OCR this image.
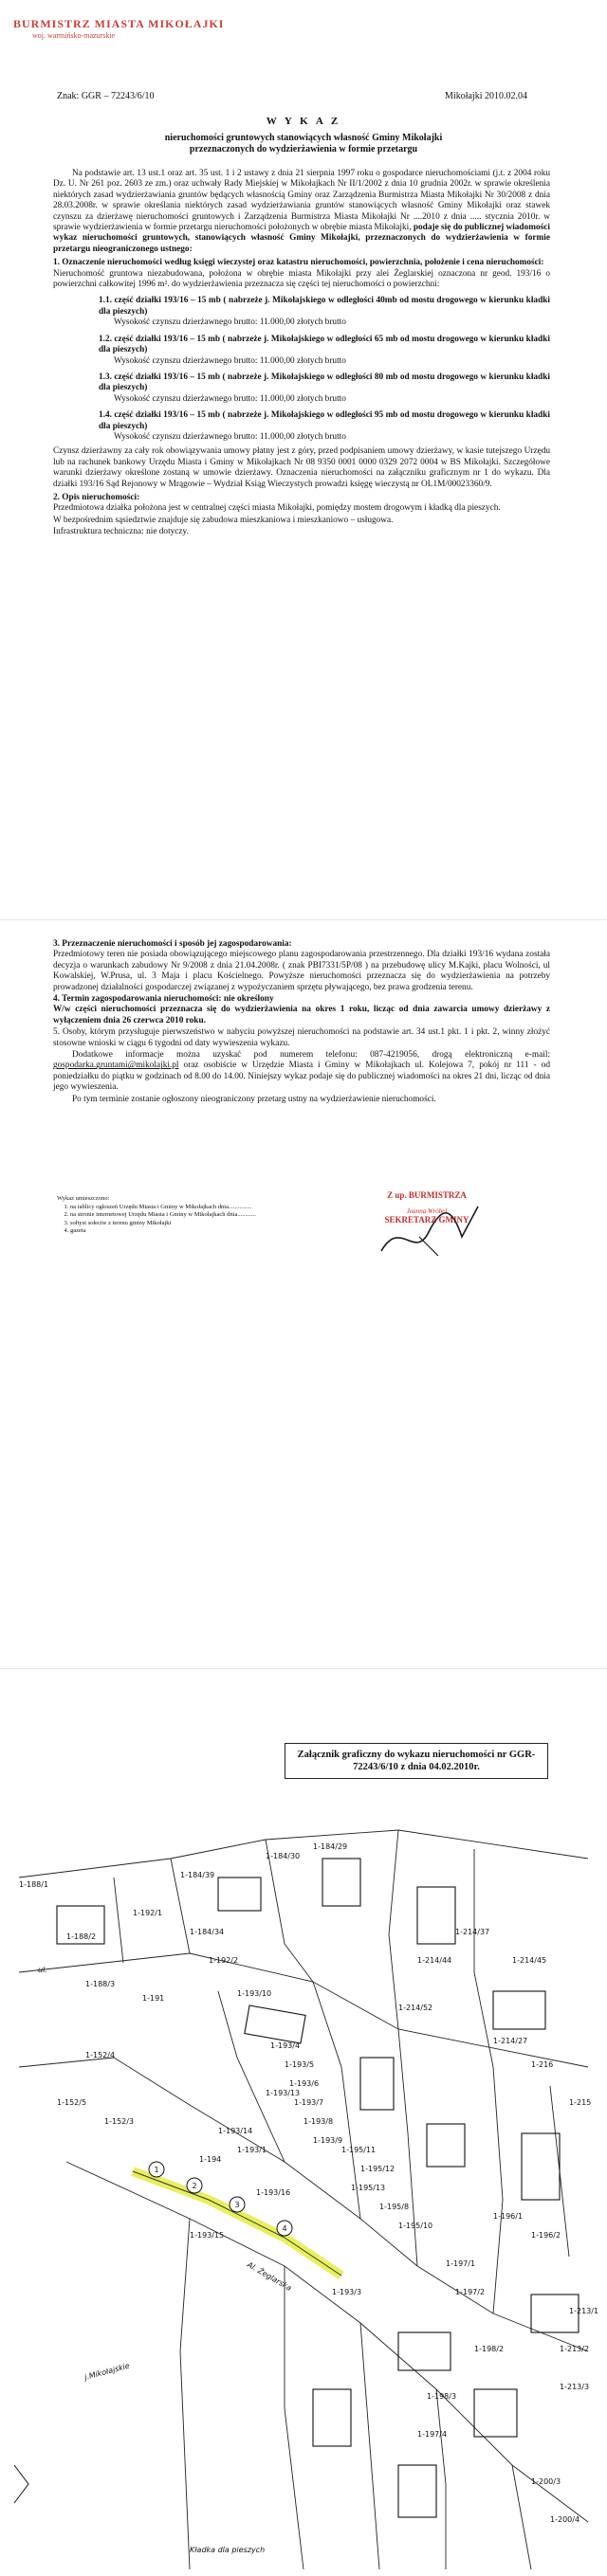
BURMISTRZ MIASTA MIKOŁAJKI
woj. warmińsko-mazurskie
Znak: GGR – 72243/6/10	Mikołajki 2010.02.04
W Y K A Z
nieruchomości gruntowych stanowiących własność Gminy Mikołajki przeznaczonych do wydzierżawienia w formie przetargu

Na podstawie art. 13 ust.1 oraz art. 35 ust. 1 i 2 ustawy z dnia 21 sierpnia 1997 roku o gospodarce nieruchomościami (j.t. z 2004 roku Dz. U. Nr 261 poz. 2603 ze zm.) oraz uchwały Rady Miejskiej w Mikołajkach Nr II/1/2002 z dnia 10 grudnia 2002r. w sprawie określenia niektórych zasad wydzierżawiania gruntów będących własnością Gminy oraz Zarządzenia Burmistrza Miasta Mikołajki Nr 30/2008 z dnia 28.03.2008r. w sprawie określania niektórych zasad wydzierżawiania gruntów stanowiących własność Gminy Mikołajki oraz stawek czynszu za dzierżawę nieruchomości gruntowych i Zarządzenia Burmistrza Miasta Mikołajki Nr ....2010 z dnia ..... stycznia 2010r. w sprawie wydzierżawienia w formie przetargu nieruchomości położonych w obrębie miasta Mikołajki, podaje się do publicznej wiadomości wykaz nieruchomości gruntowych, stanowiących własność Gminy Mikołajki, przeznaczonych do wydzierżawienia w formie przetargu nieograniczonego ustnego:

1. Oznaczenie nieruchomości według księgi wieczystej oraz katastru nieruchomości, powierzchnia, położenie i cena nieruchomości:

Nieruchomość gruntowa niezabudowana, położona w obrębie miasta Mikołajki przy alei Żeglarskiej oznaczona nr geod. 193/16 o powierzchni całkowitej 1996 m². do wydzierżawienia przeznacza się części tej nieruchomości o powierzchni:

1.1. część działki 193/16 – 15 mb ( nabrzeże j. Mikołajskiego w odległości 40mb od mostu drogowego w kierunku kładki dla pieszych)
Wysokość czynszu dzierżawnego brutto: 11.000,00 złotych brutto
1.2. część działki 193/16 – 15 mb ( nabrzeże j. Mikołajskiego w odległości 65 mb od mostu drogowego w kierunku kładki dla pieszych)
Wysokość czynszu dzierżawnego brutto: 11.000,00 złotych brutto
1.3. część działki 193/16 – 15 mb ( nabrzeże j. Mikołajskiego w odległości 80 mb od mostu drogowego w kierunku kładki dla pieszych)
Wysokość czynszu dzierżawnego brutto: 11.000,00 złotych brutto
1.4. część działki 193/16 – 15 mb ( nabrzeże j. Mikołajskiego w odległości 95 mb od mostu drogowego w kierunku kładki dla pieszych)
Wysokość czynszu dzierżawnego brutto: 11.000,00 złotych brutto

Czynsz dzierżawny za cały rok obowiązywania umowy płatny jest z góry, przed podpisaniem umowy dzierżawy, w kasie tutejszego Urzędu lub na rachunek bankowy Urzędu Miasta i Gminy w Mikołajkach Nr 08 9350 0001 0000 0329 2072 0004 w BS Mikołajki. Szczegółowe warunki dzierżawy określone zostaną w umowie dzierżawy. Oznaczenia nieruchomości na załączniku graficznym nr 1 do wykazu. Dla działki 193/16 Sąd Rejonowy w Mrągowie – Wydział Ksiąg Wieczystych prowadzi księgę wieczystą nr OL1M/00023360/9.

2. Opis nieruchomości:

Przedmiotowa działka położona jest w centralnej części miasta Mikołajki, pomiędzy mostem drogowym i kładką dla pieszych.

W bezpośrednim sąsiedztwie znajduje się zabudowa mieszkaniowa i mieszkaniowo – usługowa.

Infrastruktura techniczna: nie dotyczy.

3. Przeznaczenie nieruchomości i sposób jej zagospodarowania:

Przedmiotowy teren nie posiada obowiązującego miejscowego planu zagospodarowania przestrzennego. Dla działki 193/16 wydana została decyzja o warunkach zabudowy Nr 9/2008 z dnia 21.04.2008r. ( znak PBI7331/5P/08 ) na przebudowę ulicy M.Kajki, placu Wolności, ul Kowalskiej, W.Prusa, ul. 3 Maja i placu Kościelnego. Powyższe nieruchomości przeznacza się do wydzierżawienia na potrzeby prowadzonej działalności gospodarczej związanej z wypożyczaniem sprzętu pływającego, bez prawa grodzenia terenu.

4. Termin zagospodarowania nieruchomości: nie określony

W/w części nieruchomości przeznacza się do wydzierżawienia na okres 1 roku, licząc od dnia zawarcia umowy dzierżawy z wyłączeniem dnia 26 czerwca 2010 roku.

5. Osoby, którym przysługuje pierwszeństwo w nabyciu powyższej nieruchomości na podstawie art. 34 ust.1 pkt. 1 i pkt. 2, winny złożyć stosowne wnioski w ciągu 6 tygodni od daty wywieszenia wykazu.

Dodatkowe informacje można uzyskać pod numerem telefonu: 087-4219056, drogą elektroniczną e-mail: gospodarka.gruntami@mikolajki.pl oraz osobiście w Urzędzie Miasta i Gminy w Mikołajkach ul. Kolejowa 7, pokój nr 111 - od poniedziałku do piątku w godzinach od 8.00 do 14.00. Niniejszy wykaz podaje się do publicznej wiadomości na okres 21 dni, licząc od dnia jego wywieszenia.

Po tym terminie zostanie ogłoszony nieograniczony przetarg ustny na wydzierżawienie nieruchomości.

Wykaz umieszczono:
1. na tablicy ogłoszeń Urzędu Miasta i Gminy w Mikołajkach dnia...............
2. na stronie internetowej Urzędu Miasta i Gminy w Mikołajkach dnia............
3. sołtysi sołectw z terenu gminy Mikołajki
4. gazeta
Z up. BURMISTRZA
Joanna Wróbel
SEKRETARZ GMINY
Załącznik graficzny do wykazu nieruchomości nr GGR-72243/6/10 z dnia 04.02.2010r.
1
2
3
4
1-188/1
1-188/2
1-192/1
1-188/3
1-191
1-192/2
1-193/10
1-193/4
1-193/5
1-193/6
1-193/7
1-193/8
1-193/9
1-193/16
1-193/15
1-193/14
1-193/13
1-184/39
1-184/34
1-184/30
1-184/29
1-214/44	1-214/45
1-214/37
1-214/52
1-214/27
1-195/11
1-195/12
1-195/13
1-195/8
1-195/10
1-196/1
1-196/2
1-197/1
1-197/2
1-198/2
1-198/3
1-200/3
1-200/4
1-213/1
1-213/2
1-213/3
1-215
1-216
1-194
1-152/4
1-152/5
1-152/3
1-197/4
1-193/3
1-193/1
j.Mikołajskie
Al. Żeglarska
ul.
Kładka dla pieszych
